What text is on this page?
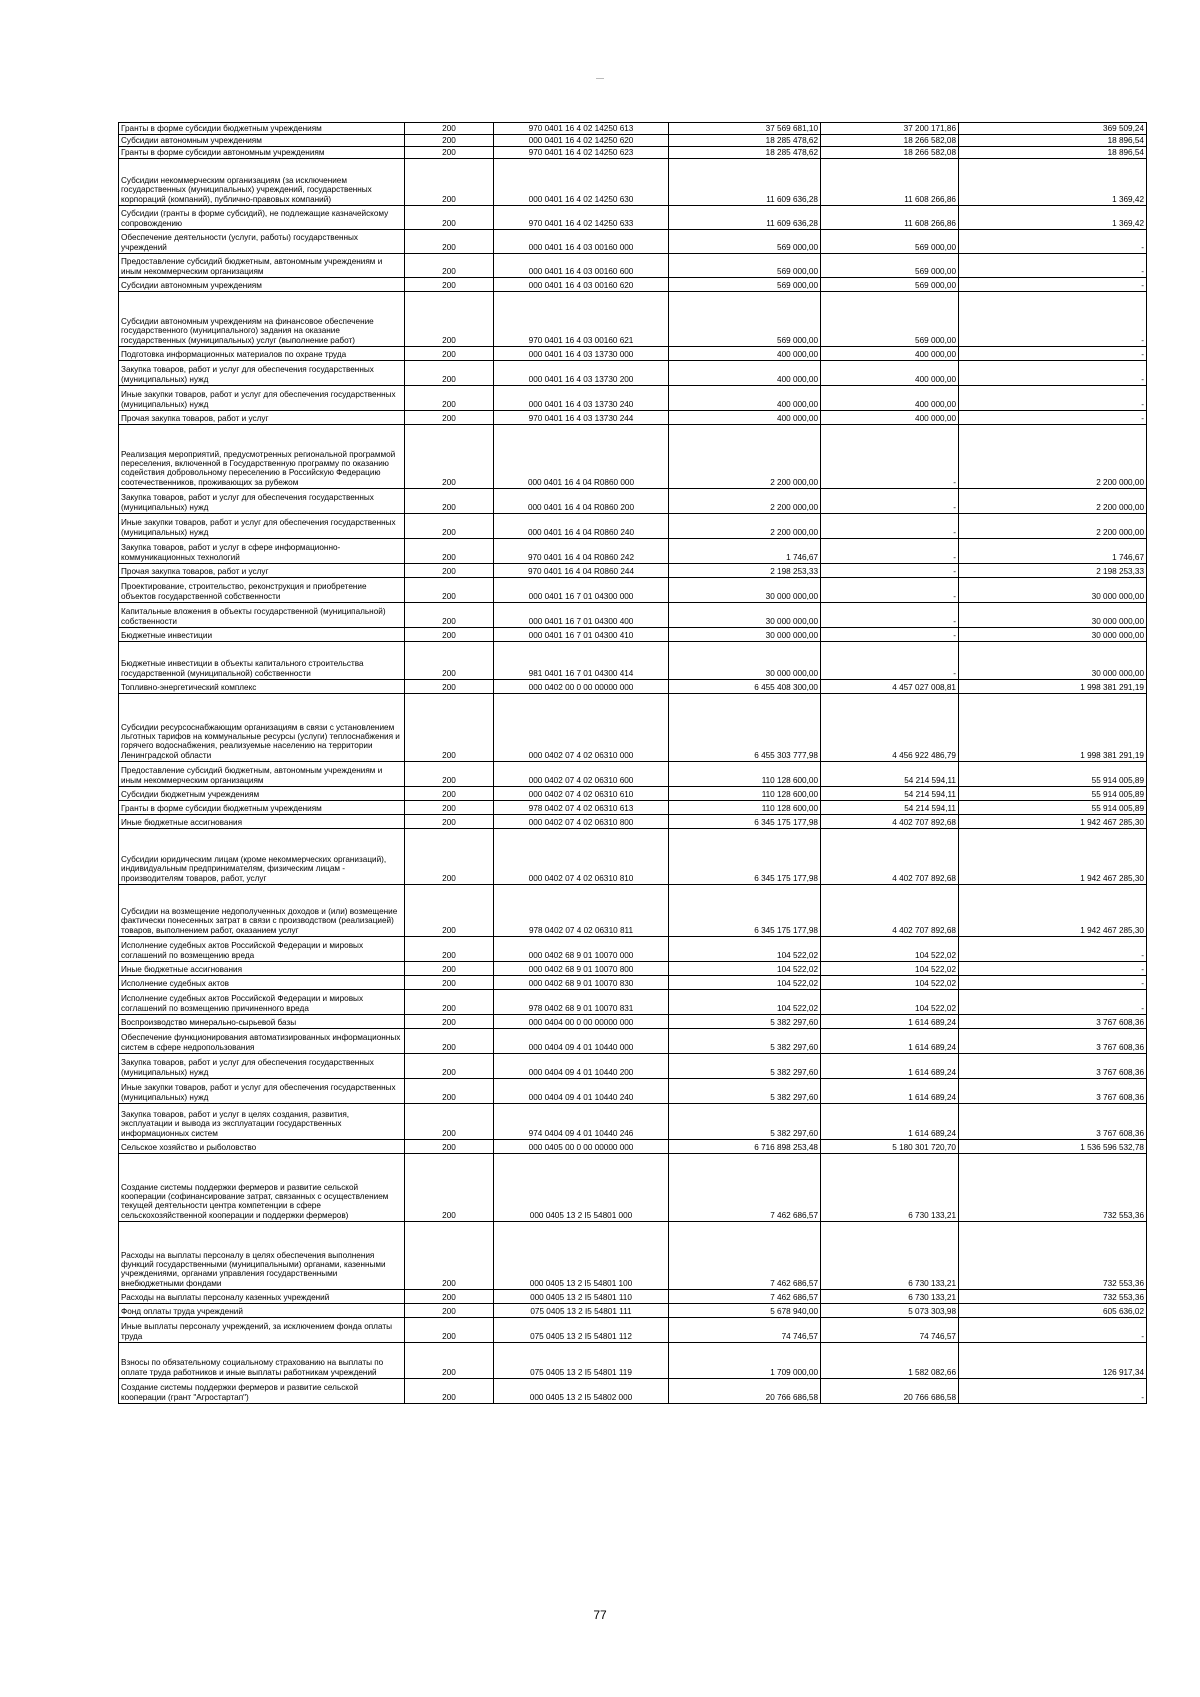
Гранты в форме субсидии бюджетным учреждениям	200	970 0401 16 4 02 14250 613	37 569 681,10	37 200 171,86	369 509,24
Субсидии автономным учреждениям	200	000 0401 16 4 02 14250 620	18 285 478,62	18 266 582,08	18 896,54
Гранты в форме субсидии автономным учреждениям	200	970 0401 16 4 02 14250 623	18 285 478,62	18 266 582,08	18 896,54
Субсидии некоммерческим организациям (за исключением государственных (муниципальных) учреждений, государственных корпораций (компаний), публично-правовых компаний)	200	000 0401 16 4 02 14250 630	11 609 636,28	11 608 266,86	1 369,42
Субсидии (гранты в форме субсидий), не подлежащие казначейскому сопровождению	200	970 0401 16 4 02 14250 633	11 609 636,28	11 608 266,86	1 369,42
Обеспечение деятельности (услуги, работы) государственных учреждений	200	000 0401 16 4 03 00160 000	569 000,00	569 000,00	-
Предоставление субсидий бюджетным, автономным учреждениям и иным некоммерческим организациям	200	000 0401 16 4 03 00160 600	569 000,00	569 000,00	-
Субсидии автономным учреждениям	200	000 0401 16 4 03 00160 620	569 000,00	569 000,00	-
Субсидии автономным учреждениям на финансовое обеспечение государственного (муниципального) задания на оказание государственных (муниципальных) услуг (выполнение работ)	200	970 0401 16 4 03 00160 621	569 000,00	569 000,00	-
Подготовка информационных материалов по охране труда	200	000 0401 16 4 03 13730 000	400 000,00	400 000,00	-
Закупка товаров, работ и услуг для обеспечения государственных (муниципальных) нужд	200	000 0401 16 4 03 13730 200	400 000,00	400 000,00	-
Иные закупки товаров, работ и услуг для обеспечения государственных (муниципальных) нужд	200	000 0401 16 4 03 13730 240	400 000,00	400 000,00	-
Прочая закупка товаров, работ и услуг	200	970 0401 16 4 03 13730 244	400 000,00	400 000,00	-
Реализация мероприятий, предусмотренных региональной программой переселения, включенной в Государственную программу по оказанию содействия добровольному переселению в Российскую Федерацию соотечественников, проживающих за рубежом	200	000 0401 16 4 04 R0860 000	2 200 000,00	-	2 200 000,00
Закупка товаров, работ и услуг для обеспечения государственных (муниципальных) нужд	200	000 0401 16 4 04 R0860 200	2 200 000,00	-	2 200 000,00
Иные закупки товаров, работ и услуг для обеспечения государственных (муниципальных) нужд	200	000 0401 16 4 04 R0860 240	2 200 000,00	-	2 200 000,00
Закупка товаров, работ и услуг в сфере информационно-коммуникационных технологий	200	970 0401 16 4 04 R0860 242	1 746,67	-	1 746,67
Прочая закупка товаров, работ и услуг	200	970 0401 16 4 04 R0860 244	2 198 253,33	-	2 198 253,33
Проектирование, строительство, реконструкция и приобретение объектов государственной собственности	200	000 0401 16 7 01 04300 000	30 000 000,00	-	30 000 000,00
Капитальные вложения в объекты государственной (муниципальной) собственности	200	000 0401 16 7 01 04300 400	30 000 000,00	-	30 000 000,00
Бюджетные инвестиции	200	000 0401 16 7 01 04300 410	30 000 000,00	-	30 000 000,00
Бюджетные инвестиции в объекты капитального строительства государственной (муниципальной) собственности	200	981 0401 16 7 01 04300 414	30 000 000,00	-	30 000 000,00
Топливно-энергетический комплекс	200	000 0402 00 0 00 00000 000	6 455 408 300,00	4 457 027 008,81	1 998 381 291,19
Субсидии ресурсоснабжающим организациям в связи с установлением льготных тарифов на коммунальные ресурсы (услуги) теплоснабжения и горячего водоснабжения, реализуемые населению на территории Ленинградской области	200	000 0402 07 4 02 06310 000	6 455 303 777,98	4 456 922 486,79	1 998 381 291,19
Предоставление субсидий бюджетным, автономным учреждениям и иным некоммерческим организациям	200	000 0402 07 4 02 06310 600	110 128 600,00	54 214 594,11	55 914 005,89
Субсидии бюджетным учреждениям	200	000 0402 07 4 02 06310 610	110 128 600,00	54 214 594,11	55 914 005,89
Гранты в форме субсидии бюджетным учреждениям	200	978 0402 07 4 02 06310 613	110 128 600,00	54 214 594,11	55 914 005,89
Иные бюджетные ассигнования	200	000 0402 07 4 02 06310 800	6 345 175 177,98	4 402 707 892,68	1 942 467 285,30
Субсидии юридическим лицам (кроме некоммерческих организаций), индивидуальным предпринимателям, физическим лицам - производителям товаров, работ, услуг	200	000 0402 07 4 02 06310 810	6 345 175 177,98	4 402 707 892,68	1 942 467 285,30
Субсидии на возмещение недополученных доходов и (или) возмещение фактически понесенных затрат в связи с производством (реализацией) товаров, выполнением работ, оказанием услуг	200	978 0402 07 4 02 06310 811	6 345 175 177,98	4 402 707 892,68	1 942 467 285,30
Исполнение судебных актов Российской Федерации и мировых соглашений по возмещению вреда	200	000 0402 68 9 01 10070 000	104 522,02	104 522,02	-
Иные бюджетные ассигнования	200	000 0402 68 9 01 10070 800	104 522,02	104 522,02	-
Исполнение судебных актов	200	000 0402 68 9 01 10070 830	104 522,02	104 522,02	-
Исполнение судебных актов Российской Федерации и мировых соглашений по возмещению причиненного вреда	200	978 0402 68 9 01 10070 831	104 522,02	104 522,02	-
Воспроизводство минерально-сырьевой базы	200	000 0404 00 0 00 00000 000	5 382 297,60	1 614 689,24	3 767 608,36
Обеспечение функционирования автоматизированных информационных систем в сфере недропользования	200	000 0404 09 4 01 10440 000	5 382 297,60	1 614 689,24	3 767 608,36
Закупка товаров, работ и услуг для обеспечения государственных (муниципальных) нужд	200	000 0404 09 4 01 10440 200	5 382 297,60	1 614 689,24	3 767 608,36
Иные закупки товаров, работ и услуг для обеспечения государственных (муниципальных) нужд	200	000 0404 09 4 01 10440 240	5 382 297,60	1 614 689,24	3 767 608,36
Закупка товаров, работ и услуг в целях создания, развития, эксплуатации и вывода из эксплуатации государственных информационных систем	200	974 0404 09 4 01 10440 246	5 382 297,60	1 614 689,24	3 767 608,36
Сельское хозяйство и рыболовство	200	000 0405 00 0 00 00000 000	6 716 898 253,48	5 180 301 720,70	1 536 596 532,78
Создание системы поддержки фермеров и развитие сельской кооперации (софинансирование затрат, связанных с осуществлением текущей деятельности центра компетенции в сфере сельскохозяйственной кооперации и поддержки фермеров)	200	000 0405 13 2 I5 54801 000	7 462 686,57	6 730 133,21	732 553,36
Расходы на выплаты персоналу в целях обеспечения выполнения функций государственными (муниципальными) органами, казенными учреждениями, органами управления государственными внебюджетными фондами	200	000 0405 13 2 I5 54801 100	7 462 686,57	6 730 133,21	732 553,36
Расходы на выплаты персоналу казенных учреждений	200	000 0405 13 2 I5 54801 110	7 462 686,57	6 730 133,21	732 553,36
Фонд оплаты труда учреждений	200	075 0405 13 2 I5 54801 111	5 678 940,00	5 073 303,98	605 636,02
Иные выплаты персоналу учреждений, за исключением фонда оплаты труда	200	075 0405 13 2 I5 54801 112	74 746,57	74 746,57	-
Взносы по обязательному социальному страхованию на выплаты по оплате труда работников и иные выплаты работникам учреждений	200	075 0405 13 2 I5 54801 119	1 709 000,00	1 582 082,66	126 917,34
Создание системы поддержки фермеров и развитие сельской кооперации (грант "Агростартап")	200	000 0405 13 2 I5 54802 000	20 766 686,58	20 766 686,58	-
77
